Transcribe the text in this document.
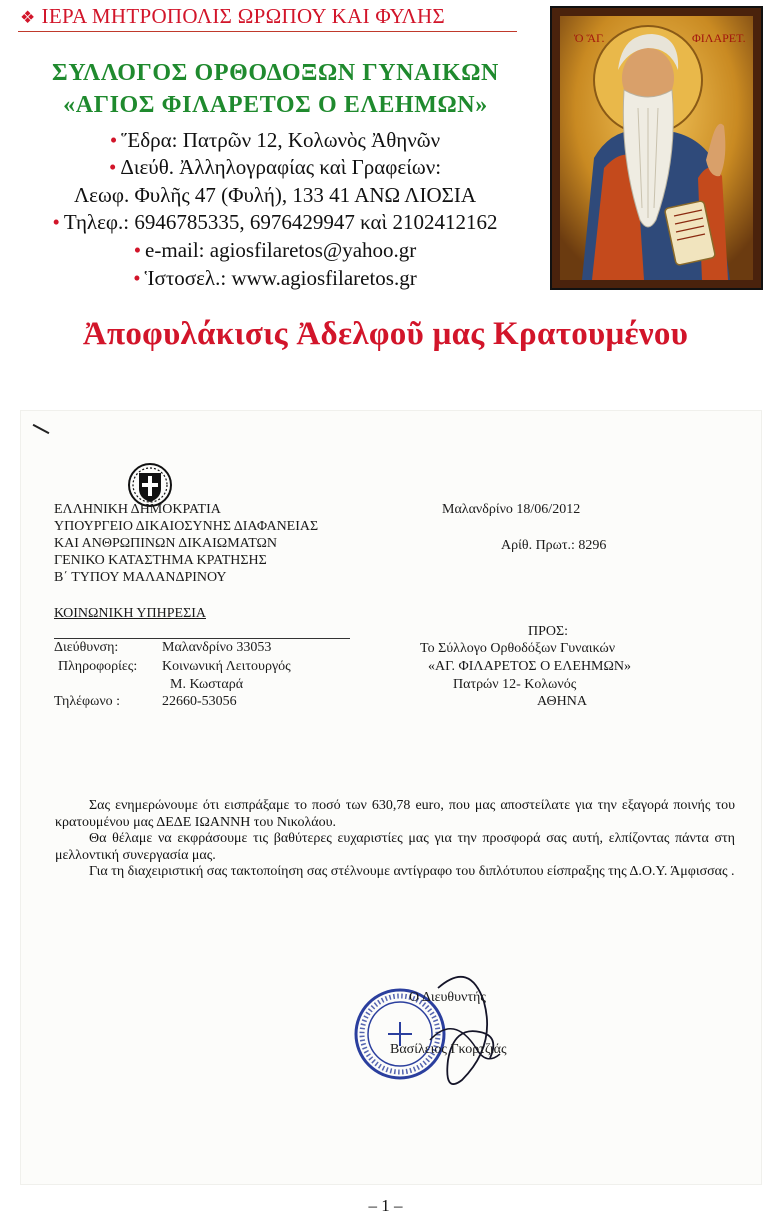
❖ ΙΕΡΑ ΜΗΤΡΟΠΟΛΙΣ ΩΡΩΠΟΥ ΚΑΙ ΦΥΛΗΣ
ΣΥΛΛΟΓΟΣ ΟΡΘΟΔΟΞΩΝ ΓΥΝΑΙΚΩΝ
«ΑΓΙΟΣ ΦΙΛΑΡΕΤΟΣ Ο ΕΛΕΗΜΩΝ»
• Ἕδρα: Πατρῶν 12, Κολωνὸς Ἀθηνῶν
• Διεύθ. Ἀλληλογραφίας καὶ Γραφείων:
Λεωφ. Φυλῆς 47 (Φυλή), 133 41 ΑΝΩ ΛΙΟΣΙΑ
• Τηλεφ.: 6946785335, 6976429947 καὶ 2102412162
• e-mail: agiosfilaretos@yahoo.gr
• Ἱστοσελ.: www.agiosfilaretos.gr
Ὁ ἍΓ.	ΦΙΛΑΡΕΤ.
Ἀποφυλάκισις Ἀδελφοῦ μας Κρατουμένου
ΕΛΛΗΝΙΚΗ ΔΗΜΟΚΡΑΤΙΑ
ΥΠΟΥΡΓΕΙΟ ΔΙΚΑΙΟΣΥΝΗΣ ΔΙΑΦΑΝΕΙΑΣ
ΚΑΙ ΑΝΘΡΩΠΙΝΩΝ ΔΙΚΑΙΩΜΑΤΩΝ
ΓΕΝΙΚΟ ΚΑΤΑΣΤΗΜΑ ΚΡΑΤΗΣΗΣ
Β΄ ΤΥΠΟΥ ΜΑΛΑΝΔΡΙΝΟΥ
Μαλανδρίνο 18/06/2012
Αρίθ. Πρωτ.: 8296
ΚΟΙΝΩΝΙΚΗ ΥΠΗΡΕΣΙΑ
Διεύθυνση:	Μαλανδρίνο 33053
Πληροφορίες: Κοινωνική Λειτουργός
Μ. Κωσταρά
Τηλέφωνο :	22660-53056
ΠΡΟΣ:
Το Σύλλογο Ορθοδόξων Γυναικών
«ΑΓ. ΦΙΛΑΡΕΤΟΣ Ο ΕΛΕΗΜΩΝ»
Πατρών 12- Κολωνός
ΑΘΗΝΑ

Σας ενημερώνουμε ότι εισπράξαμε το ποσό των 630,78 euro, που μας αποστείλατε για την εξαγορά ποινής του κρατουμένου μας ΔΕΔΕ ΙΩΑΝΝΗ του Νικολάου.

Θα θέλαμε να εκφράσουμε τις βαθύτερες ευχαριστίες μας για την προσφορά σας αυτή, ελπίζοντας πάντα στη μελλοντική συνεργασία μας.

Για τη διαχειριστική σας τακτοποίηση σας στέλνουμε αντίγραφο του διπλότυπου είσπραξης της Δ.Ο.Υ. Άμφισσας .

Ο Διευθυντής
Βασίλειος Γκορτζιάς
– 1 –
